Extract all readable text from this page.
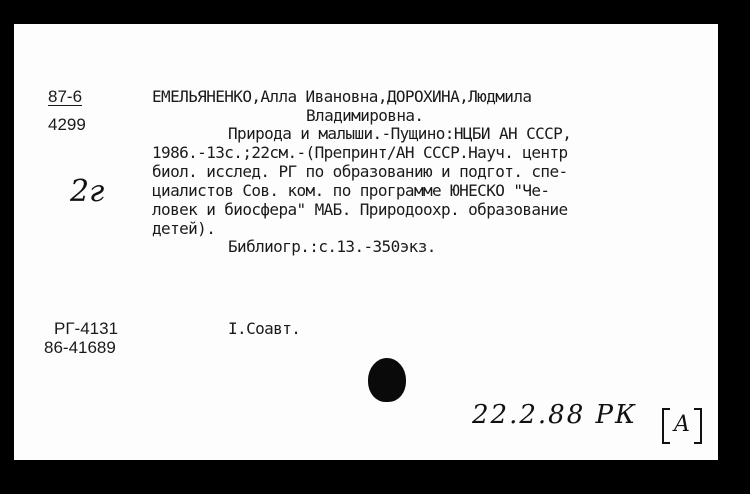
87-6
4299
2г
ЕМЕЛЬЯНЕНКО,Алла Ивановна,ДОРОХИНА,Людмила
Владимировна.
Природа и малыши.-Пущино:НЦБИ АН СССР,
1986.-13с.;22см.-(Препринт/АН СССР.Науч. центр
биол. исслед. РГ по образованию и подгот. спе-
циалистов Сов. ком. по программе ЮНЕСКО "Че-
ловек и биосфера" МАБ. Природоохр. образование
детей).
Библиогр.:с.13.-350экз.
РГ-4131
86-41689
I.Соавт.
22.2.88 РК	А
